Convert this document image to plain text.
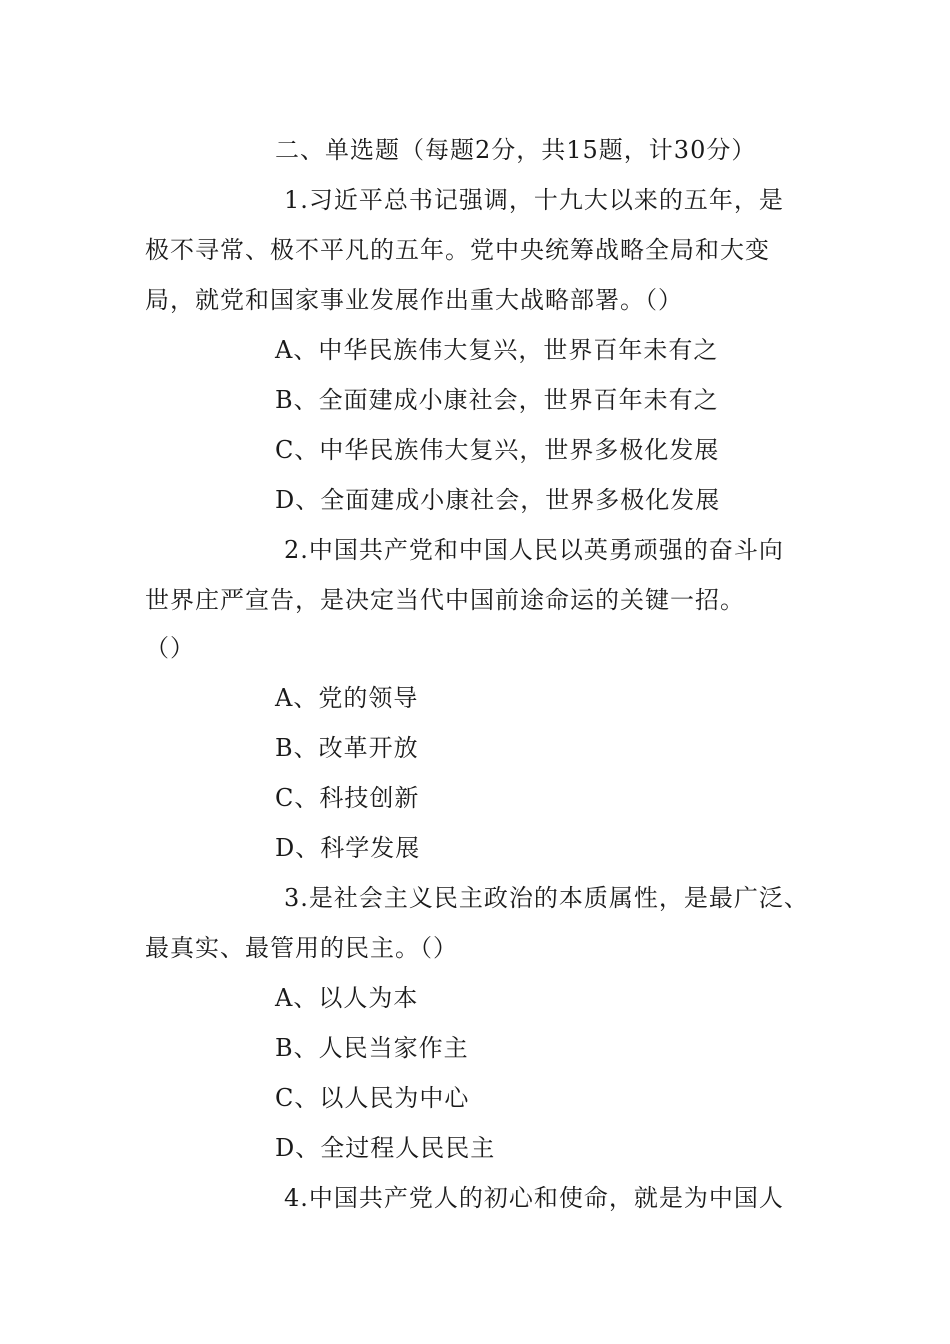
二、单选题（每题2分，共15题，计30分）
1.习近平总书记强调，十九大以来的五年，是
极不寻常、极不平凡的五年。党中央统筹战略全局和大变
局，就党和国家事业发展作出重大战略部署。（）
A、中华民族伟大复兴，世界百年未有之
B、全面建成小康社会，世界百年未有之
C、中华民族伟大复兴，世界多极化发展
D、全面建成小康社会，世界多极化发展
2.中国共产党和中国人民以英勇顽强的奋斗向
世界庄严宣告，是决定当代中国前途命运的关键一招。
（）
A、党的领导
B、改革开放
C、科技创新
D、科学发展
3.是社会主义民主政治的本质属性，是最广泛、
最真实、最管用的民主。（）
A、以人为本
B、人民当家作主
C、以人民为中心
D、全过程人民民主
4.中国共产党人的初心和使命，就是为中国人
